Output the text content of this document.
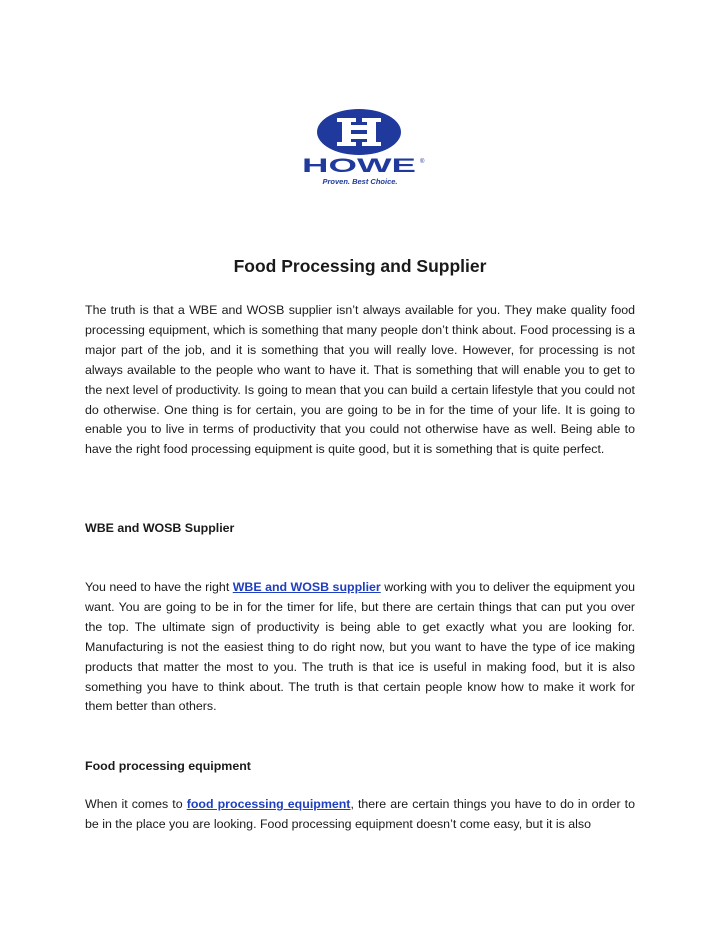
HOWE ®
Proven. Best Choice.
Food Processing and Supplier

The truth is that a WBE and WOSB supplier isn’t always available for you. They make quality food processing equipment, which is something that many people don’t think about. Food processing is a major part of the job, and it is something that you will really love. However, for processing is not always available to the people who want to have it. That is something that will enable you to get to the next level of productivity. Is going to mean that you can build a certain lifestyle that you could not do otherwise. One thing is for certain, you are going to be in for the time of your life. It is going to enable you to live in terms of productivity that you could not otherwise have as well. Being able to have the right food processing equipment is quite good, but it is something that is quite perfect.

WBE and WOSB Supplier

You need to have the right WBE and WOSB supplier working with you to deliver the equipment you want. You are going to be in for the timer for life, but there are certain things that can put you over the top. The ultimate sign of productivity is being able to get exactly what you are looking for. Manufacturing is not the easiest thing to do right now, but you want to have the type of ice making products that matter the most to you. The truth is that ice is useful in making food, but it is also something you have to think about. The truth is that certain people know how to make it work for them better than others.

Food processing equipment

When it comes to food processing equipment, there are certain things you have to do in order to be in the place you are looking. Food processing equipment doesn’t come easy, but it is also
